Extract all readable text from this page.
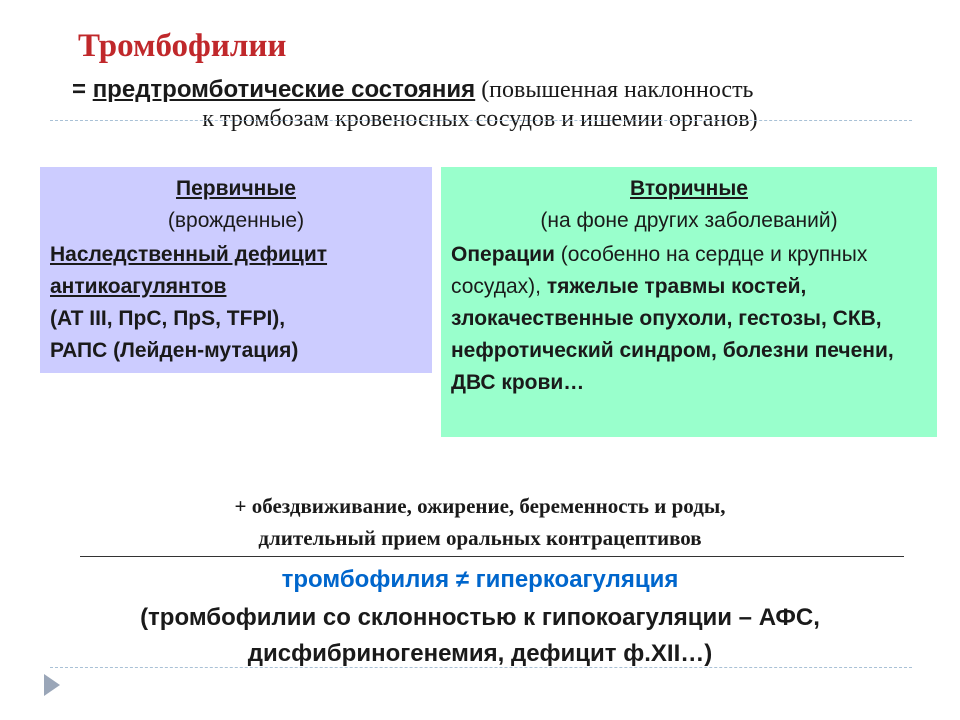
Тромбофилии
= предтромботические состояния (повышенная наклонность
к тромбозам кровеносных сосудов и ишемии органов)
Первичные
(врожденные)
Наследственный дефицит антикоагулянтов
(AT III, ПрС, ПрS, TFPI),
РАПС (Лейден-мутация)
Вторичные
(на фоне других заболеваний)
Операции (особенно на сердце и крупных сосудах), тяжелые травмы костей, злокачественные опухоли, гестозы, СКВ, нефротический синдром, болезни печени, ДВС крови…
+ обездвиживание, ожирение, беременность и роды,
длительный прием оральных контрацептивов
тромбофилия ≠ гиперкоагуляция
(тромбофилии со склонностью к гипокоагуляции – АФС,
дисфибриногенемия, дефицит ф.XII…)
